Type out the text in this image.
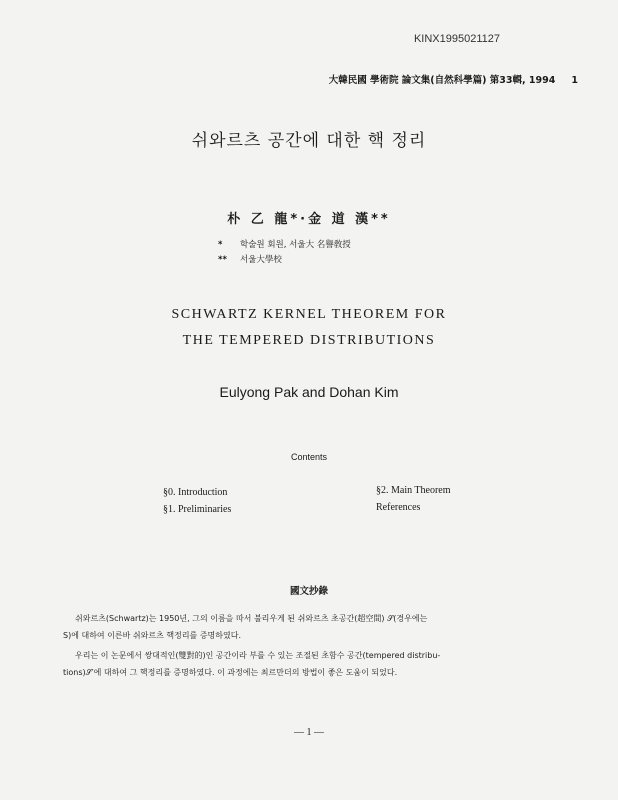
KINX1995021127
大韓民國 學術院 論文集(自然科學篇) 第33輯, 1994 1
쉬와르츠 공간에 대한 핵 정리
朴 乙 龍*·金 道 漢**
* 학술원 회원, 서울大 名譽敎授
** 서울大學校
SCHWARTZ KERNEL THEOREM FOR
THE TEMPERED DISTRIBUTIONS
Eulyong Pak and Dohan Kim
Contents
§0. Introduction
§1. Preliminaries
§2. Main Theorem
References
國文抄錄

쉬와르츠(Schwartz)는 1950년, 그의 이름을 따서 불리우게 된 쉬와르츠 초공간(超空間) 𝒮(경우에는
S)에 대하여 이른바 쉬와르츠 핵정리를 증명하였다.

우리는 이 논문에서 쌍대적인(雙對的)인 공간이라 부를 수 있는 조절된 초함수 공간(tempered distribu-
tions)𝒮′에 대하여 그 핵정리를 증명하였다. 이 과정에는 최르만더의 방법이 좋은 도움이 되었다.

— 1 —
